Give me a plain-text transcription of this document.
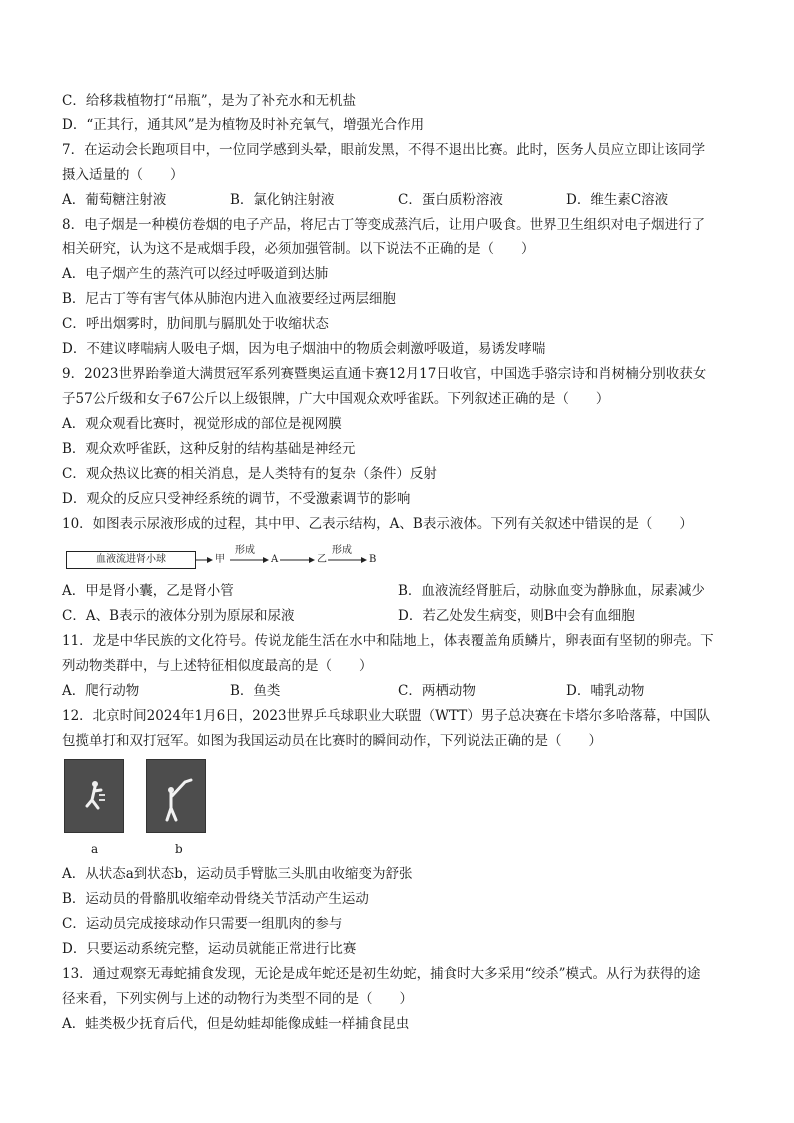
C．给移栽植物打“吊瓶”，是为了补充水和无机盐
D．“正其行，通其风”是为植物及时补充氧气，增强光合作用
7．在运动会长跑项目中，一位同学感到头晕，眼前发黑，不得不退出比赛。此时，医务人员应立即让该同学
摄入适量的（　　）
A．葡萄糖注射液	B．氯化钠注射液	C．蛋白质粉溶液	D．维生素C溶液
8．电子烟是一种模仿卷烟的电子产品，将尼古丁等变成蒸汽后，让用户吸食。世界卫生组织对电子烟进行了
相关研究，认为这不是戒烟手段，必须加强管制。以下说法不正确的是（　　）
A．电子烟产生的蒸汽可以经过呼吸道到达肺
B．尼古丁等有害气体从肺泡内进入血液要经过两层细胞
C．呼出烟雾时，肋间肌与膈肌处于收缩状态
D．不建议哮喘病人吸电子烟，因为电子烟油中的物质会刺激呼吸道，易诱发哮喘
9．2023世界跆拳道大满贯冠军系列赛暨奥运直通卡赛12月17日收官，中国选手骆宗诗和肖树楠分别收获女
子57公斤级和女子67公斤以上级银牌，广大中国观众欢呼雀跃。下列叙述正确的是（　　）
A．观众观看比赛时，视觉形成的部位是视网膜
B．观众欢呼雀跃，这种反射的结构基础是神经元
C．观众热议比赛的相关消息，是人类特有的复杂（条件）反射
D．观众的反应只受神经系统的调节，不受激素调节的影响
10．如图表示尿液形成的过程，其中甲、乙表示结构，A、B表示液体。下列有关叙述中错误的是（　　）
血液流进肾小球	甲
形成
A	乙
形成
B
A．甲是肾小囊，乙是肾小管	B．血液流经肾脏后，动脉血变为静脉血，尿素减少
C．A、B表示的液体分别为原尿和尿液	D．若乙处发生病变，则B中会有血细胞
11．龙是中华民族的文化符号。传说龙能生活在水中和陆地上，体表覆盖角质鳞片，卵表面有坚韧的卵壳。下
列动物类群中，与上述特征相似度最高的是（　　）
A．爬行动物	B．鱼类	C．两栖动物	D．哺乳动物
12．北京时间2024年1月6日，2023世界乒乓球职业大联盟（WTT）男子总决赛在卡塔尔多哈落幕，中国队
包揽单打和双打冠军。如图为我国运动员在比赛时的瞬间动作，下列说法正确的是（　　）
a	b
A．从状态a到状态b，运动员手臂肱三头肌由收缩变为舒张
B．运动员的骨骼肌收缩牵动骨绕关节活动产生运动
C．运动员完成接球动作只需要一组肌肉的参与
D．只要运动系统完整，运动员就能正常进行比赛
13．通过观察无毒蛇捕食发现，无论是成年蛇还是初生幼蛇，捕食时大多采用“绞杀”模式。从行为获得的途
径来看，下列实例与上述的动物行为类型不同的是（　　）
A．蛙类极少抚育后代，但是幼蛙却能像成蛙一样捕食昆虫
